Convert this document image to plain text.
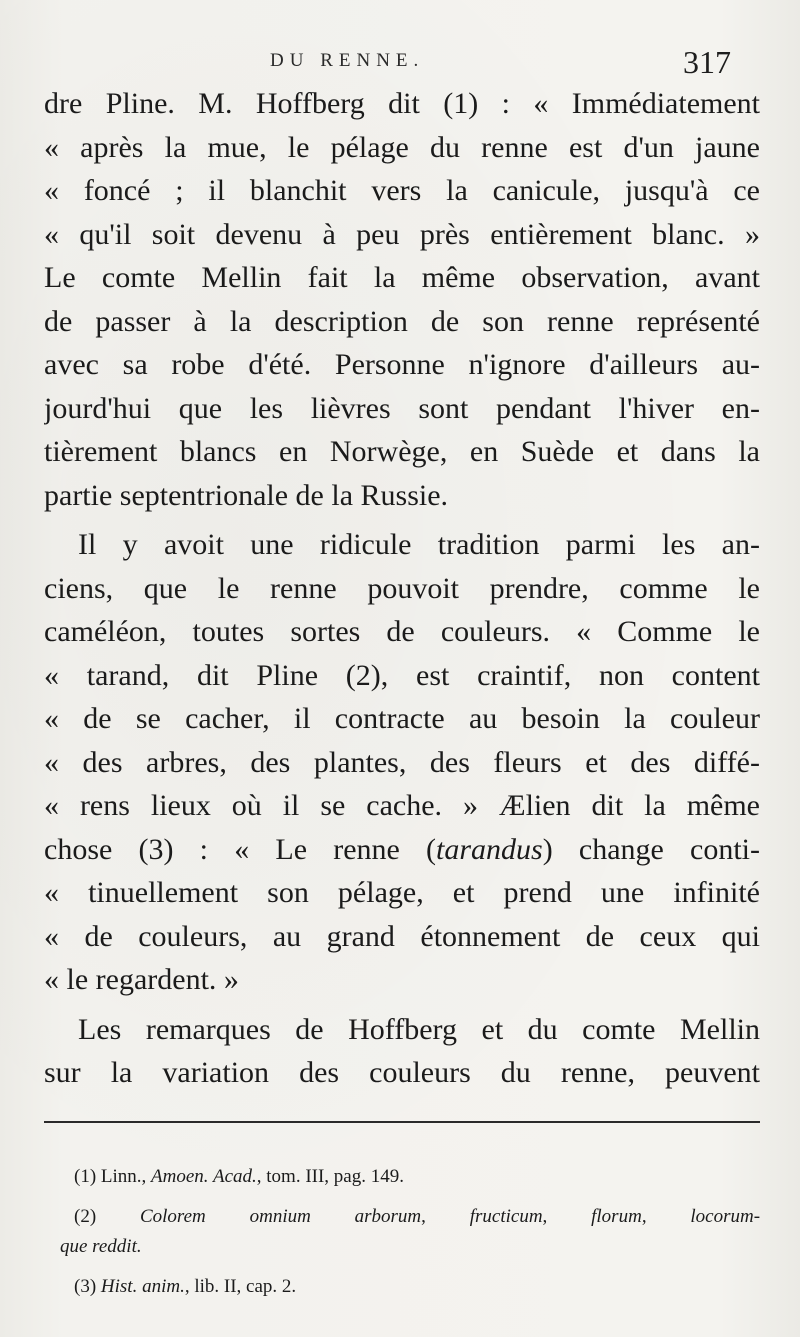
DU RENNE.	317
dre Pline. M. Hoffberg dit (1) : « Immédiatement
« après la mue, le pélage du renne est d'un jaune
« foncé ; il blanchit vers la canicule, jusqu'à ce
« qu'il soit devenu à peu près entièrement blanc. »
Le comte Mellin fait la même observation, avant
de passer à la description de son renne représenté
avec sa robe d'été. Personne n'ignore d'ailleurs au-
jourd'hui que les lièvres sont pendant l'hiver en-
tièrement blancs en Norwège, en Suède et dans la
partie septentrionale de la Russie.
Il y avoit une ridicule tradition parmi les an-
ciens, que le renne pouvoit prendre, comme le
caméléon, toutes sortes de couleurs. « Comme le
« tarand, dit Pline (2), est craintif, non content
« de se cacher, il contracte au besoin la couleur
« des arbres, des plantes, des fleurs et des diffé-
« rens lieux où il se cache. » Ælien dit la même
chose (3) : « Le renne (tarandus) change conti-
« tinuellement son pélage, et prend une infinité
« de couleurs, au grand étonnement de ceux qui
« le regardent. »
Les remarques de Hoffberg et du comte Mellin
sur la variation des couleurs du renne, peuvent
(1) Linn., Amoen. Acad., tom. III, pag. 149.
(2) Colorem omnium arborum, fructicum, florum, locorum-
que reddit.
(3) Hist. anim., lib. II, cap. 2.
